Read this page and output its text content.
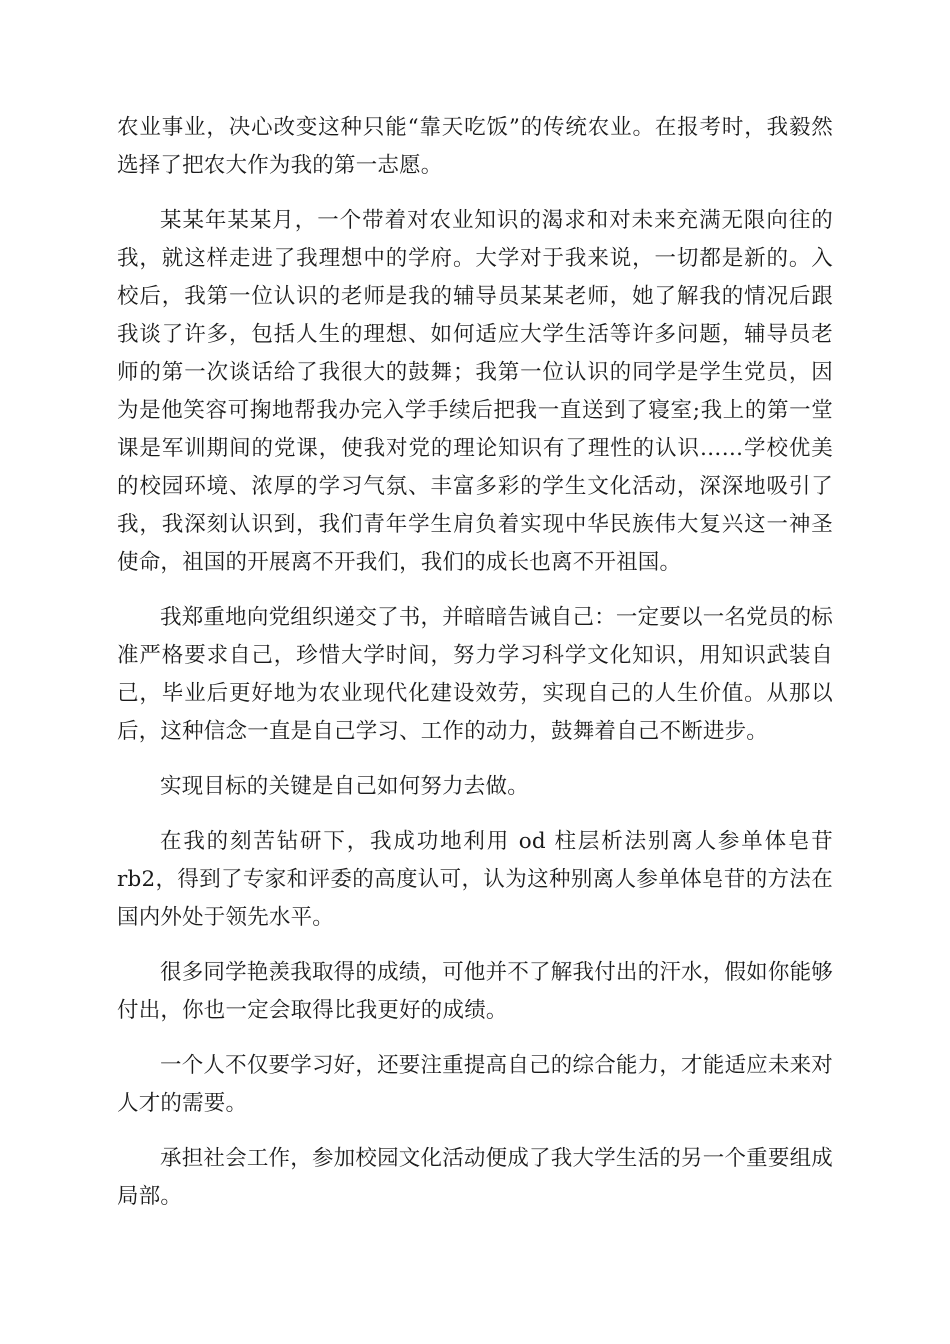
农业事业，决心改变这种只能“靠天吃饭”的传统农业。在报考时，我毅然选择了把农大作为我的第一志愿。

某某年某某月，一个带着对农业知识的渴求和对未来充满无限向往的我，就这样走进了我理想中的学府。大学对于我来说，一切都是新的。入校后，我第一位认识的老师是我的辅导员某某老师，她了解我的情况后跟我谈了许多，包括人生的理想、如何适应大学生活等许多问题，辅导员老师的第一次谈话给了我很大的鼓舞；我第一位认识的同学是学生党员，因为是他笑容可掬地帮我办完入学手续后把我一直送到了寝室;我上的第一堂课是军训期间的党课，使我对党的理论知识有了理性的认识……学校优美的校园环境、浓厚的学习气氛、丰富多彩的学生文化活动，深深地吸引了我，我深刻认识到，我们青年学生肩负着实现中华民族伟大复兴这一神圣使命，祖国的开展离不开我们，我们的成长也离不开祖国。

我郑重地向党组织递交了书，并暗暗告诫自己：一定要以一名党员的标准严格要求自己，珍惜大学时间，努力学习科学文化知识，用知识武装自己，毕业后更好地为农业现代化建设效劳，实现自己的人生价值。从那以后，这种信念一直是自己学习、工作的动力，鼓舞着自己不断进步。

实现目标的关键是自己如何努力去做。

在我的刻苦钻研下，我成功地利用 od 柱层析法别离人参单体皂苷 rb2，得到了专家和评委的高度认可，认为这种别离人参单体皂苷的方法在国内外处于领先水平。

很多同学艳羡我取得的成绩，可他并不了解我付出的汗水，假如你能够付出，你也一定会取得比我更好的成绩。

一个人不仅要学习好，还要注重提高自己的综合能力，才能适应未来对人才的需要。

承担社会工作，参加校园文化活动便成了我大学生活的另一个重要组成局部。
